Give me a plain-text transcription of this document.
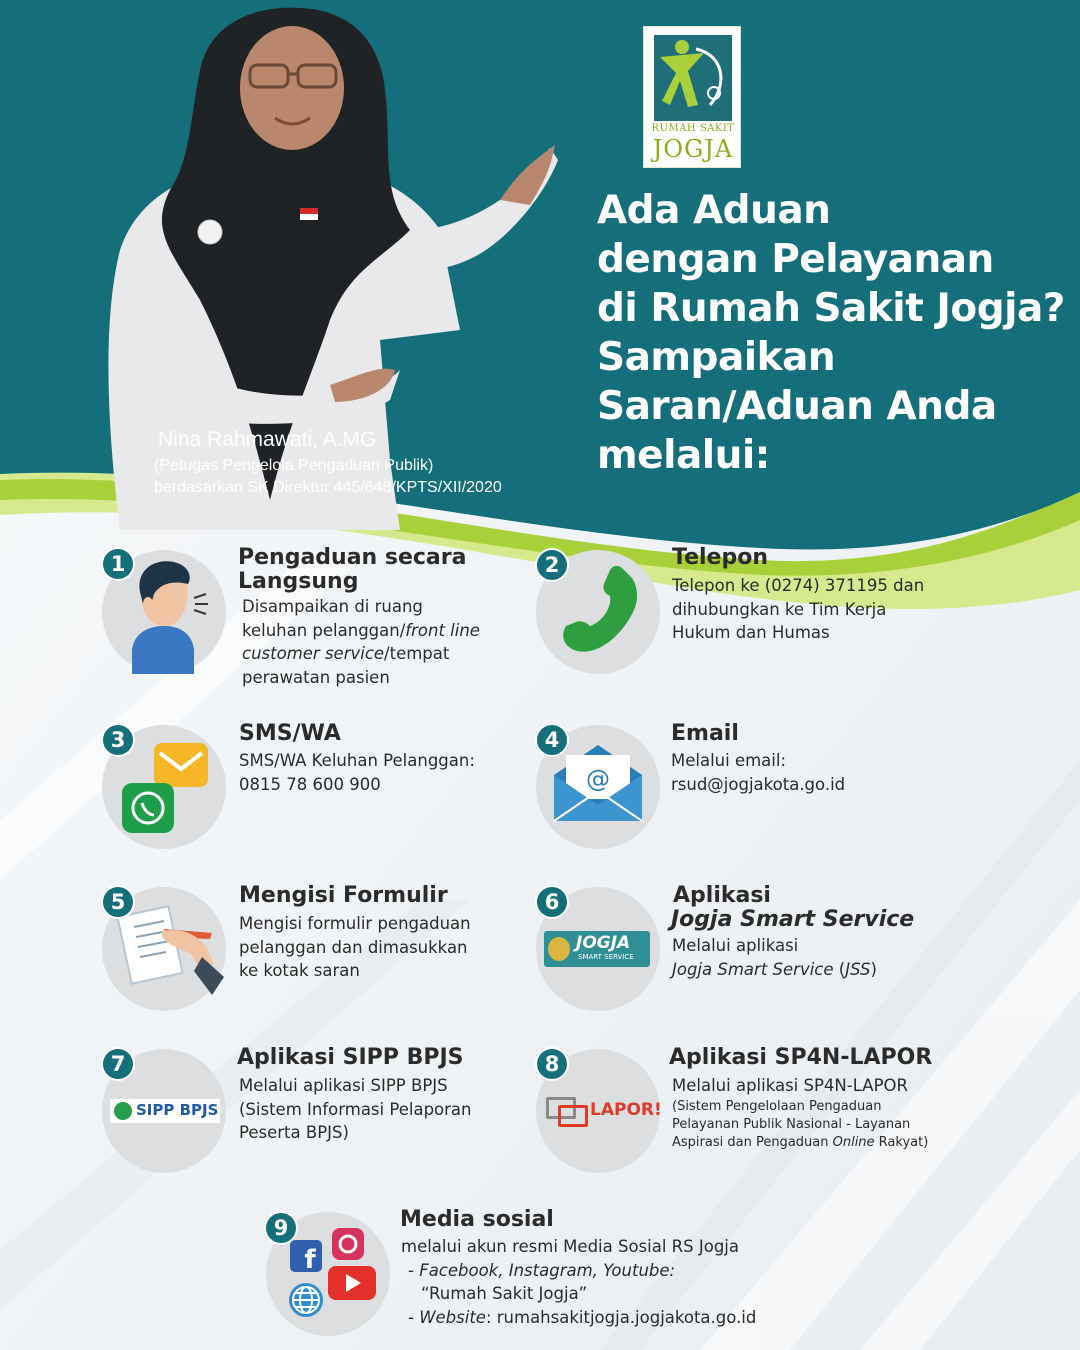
RUMAH SAKIT
JOGJA
Ada Aduan
dengan Pelayanan
di Rumah Sakit Jogja?
Sampaikan
Saran/Aduan Anda
melalui:
Nina Rahmawati, A.MG
(Petugas Pengelola Pengaduan Publik)
berdasarkan SK Direktur 445/648/KPTS/XII/2020
1	Pengaduan secara
Langsung
Disampaikan di ruang
keluhan pelanggan/front line
customer service/tempat
perawatan pasien
2	Telepon
Telepon ke (0274) 371195 dan
dihubungkan ke Tim Kerja
Hukum dan Humas
3	SMS/WA
SMS/WA Keluhan Pelanggan:
0815 78 600 900	@
4	Email
Melalui email:
rsud@jogjakota.go.id
5	Mengisi Formulir
Mengisi formulir pengaduan
pelanggan dan dimasukkan
ke kotak saran
JOGJA
SMART SERVICE
6	Aplikasi
Jogja Smart Service
Melalui aplikasi
Jogja Smart Service (JSS)
SIPP BPJS
7	Aplikasi SIPP BPJS
Melalui aplikasi SIPP BPJS
(Sistem Informasi Pelaporan
Peserta BPJS)
LAPOR!
8	Aplikasi SP4N-LAPOR
Melalui aplikasi SP4N-LAPOR
(Sistem Pengelolaan Pengaduan
Pelayanan Publik Nasional - Layanan
Aspirasi dan Pengaduan Online Rakyat)
f
9	Media sosial
melalui akun resmi Media Sosial RS Jogja
- Facebook, Instagram, Youtube:
“Rumah Sakit Jogja”
- Website: rumahsakitjogja.jogjakota.go.id
